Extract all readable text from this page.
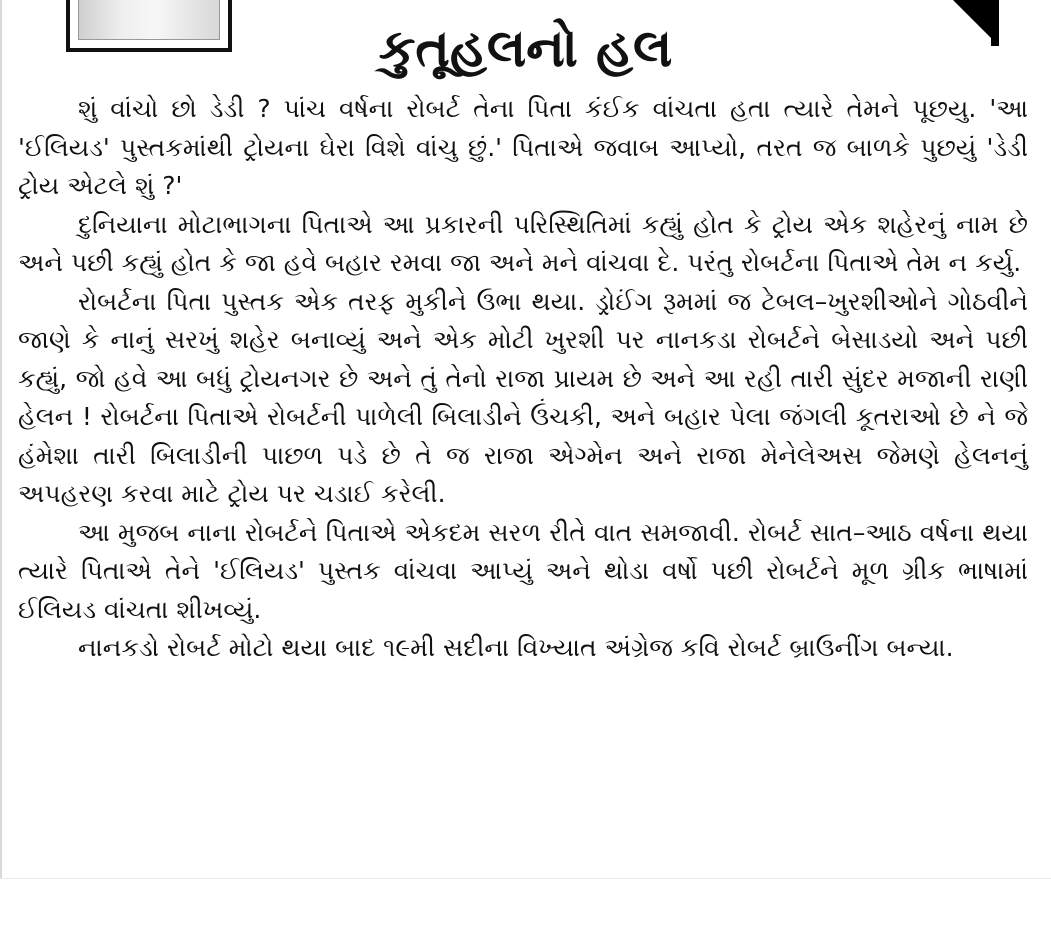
કુતૂહલનો હલ

શું વાંચો છો ડેડી ? પાંચ વર્ષના રોબર્ટ તેના પિતા કંઈક વાંચતા હતા ત્યારે તેમને પૂછયુ. 'આ 'ઈલિયડ' પુસ્તકમાંથી ટ્રોયના ઘેરા વિશે વાંચુ છું.' પિતાએ જવાબ આપ્યો, તરત જ બાળકે પુછયું 'ડેડી ટ્રોય એટલે શું ?'

દુનિયાના મોટાભાગના પિતાએ આ પ્રકારની પરિસ્થિતિમાં કહ્યું હોત કે ટ્રોય એક શહેરનું નામ છે અને પછી કહ્યું હોત કે જા હવે બહાર રમવા જા અને મને વાંચવા દે. પરંતુ રોબર્ટના પિતાએ તેમ ન કર્યુ.

રોબર્ટના પિતા પુસ્તક એક તરફ મુકીને ઉભા થયા. ડ્રોઈંગ રૂમમાં જ ટેબલ–ખુરશીઓને ગોઠવીને જાણે કે નાનું સરખું શહેર બનાવ્યું અને એક મોટી ખુરશી પર નાનકડા રોબર્ટને બેસાડયો અને પછી કહ્યું, જો હવે આ બધું ટ્રોયનગર છે અને તું તેનો રાજા પ્રાયમ છે અને આ રહી તારી સુંદર મજાની રાણી હેલન ! રોબર્ટના પિતાએ રોબર્ટની પાળેલી બિલાડીને ઉંચકી, અને બહાર પેલા જંગલી કૂતરાઓ છે ને જે હંમેશા તારી બિલાડીની પાછળ પડે છે તે જ રાજા એગ્મેન અને રાજા મેનેલેઅસ જેમણે હેલનનું અપહરણ કરવા માટે ટ્રોય પર ચડાઈ કરેલી.

આ મુજબ નાના રોબર્ટને પિતાએ એકદમ સરળ રીતે વાત સમજાવી. રોબર્ટ સાત–આઠ વર્ષના થયા ત્યારે પિતાએ તેને 'ઈલિયડ' પુસ્તક વાંચવા આપ્યું અને થોડા વર્ષો પછી રોબર્ટને મૂળ ગ્રીક ભાષામાં ઈલિયડ વાંચતા શીખવ્યું.

નાનકડો રોબર્ટ મોટો થયા બાદ ૧૯મી સદીના વિખ્યાત અંગ્રેજ કવિ રોબર્ટ બ્રાઉનીંગ બન્યા.
